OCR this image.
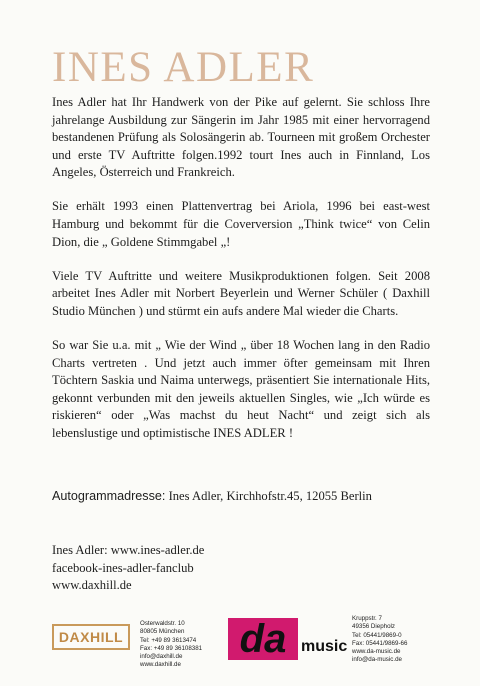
INES ADLER

Ines Adler hat Ihr Handwerk von der Pike auf gelernt. Sie schloss Ihre jahrelange Ausbildung zur Sängerin im Jahr 1985 mit einer hervorragend bestandenen Prüfung als Solosängerin ab. Tourneen mit großem Orchester und erste TV Auftritte folgen.1992 tourt Ines auch in Finnland, Los Angeles, Österreich und Frankreich.

Sie erhält 1993 einen Plattenvertrag bei Ariola, 1996 bei east-west Hamburg und bekommt für die Coverversion „Think twice“ von Celin Dion, die „ Goldene Stimmgabel „!

Viele TV Auftritte und weitere Musikproduktionen folgen. Seit 2008 arbeitet Ines Adler mit Norbert Beyerlein und Werner Schüler ( Daxhill Studio München ) und stürmt ein aufs andere Mal wieder die Charts.

So war Sie u.a. mit „ Wie der Wind „ über 18 Wochen lang in den Radio Charts vertreten . Und jetzt auch immer öfter gemeinsam mit Ihren Töchtern Saskia und Naima unterwegs, präsentiert Sie internationale Hits, gekonnt verbunden mit den jeweils aktuellen Singles, wie „Ich würde es riskieren“ oder „Was machst du heut Nacht“ und zeigt sich als lebenslustige und optimistische INES ADLER !

Autogrammadresse: Ines Adler, Kirchhofstr.45, 12055 Berlin
Ines Adler: www.ines-adler.de
facebook-ines-adler-fanclub
www.daxhill.de
DAXHILL
Osterwaldstr. 10
80805 München
Tel: +49 89 3613474
Fax: +49 89 36108381
info@daxhill.de
www.daxhill.de
da music
Kruppstr. 7
49356 Diepholz
Tel: 05441/9869-0
Fax: 05441/9869-66
www.da-music.de
info@da-music.de
